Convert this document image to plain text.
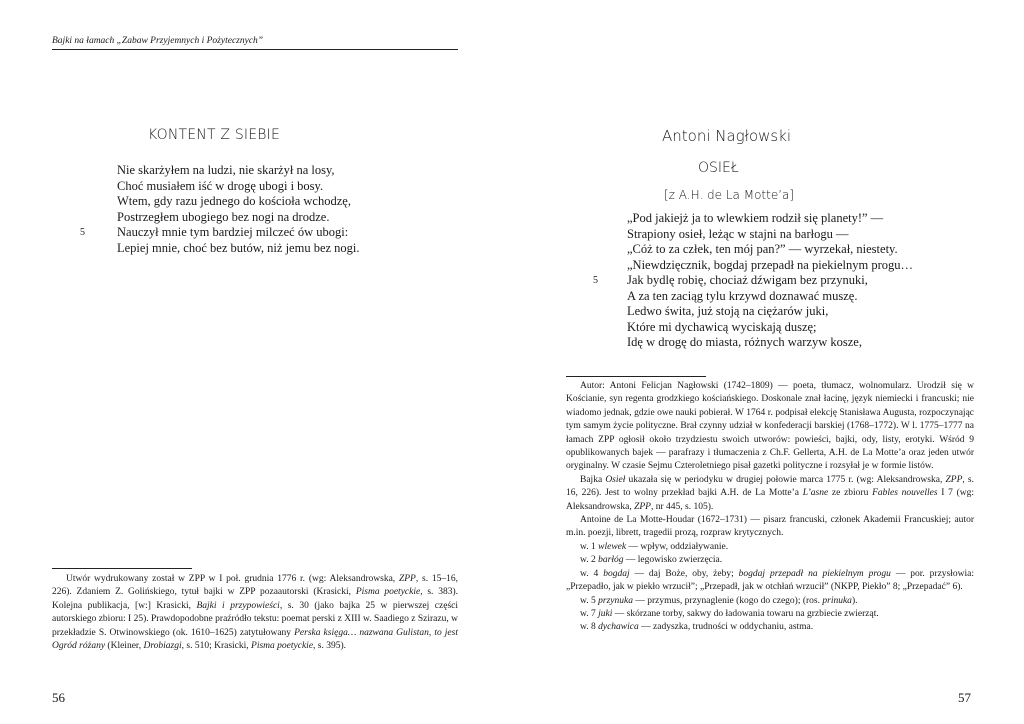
Bajki na łamach „Zabaw Przyjemnych i Pożytecznych”
KONTENT Z SIEBIE
Nie skarżyłem na ludzi, nie skarżył na losy,
Choć musiałem iść w drogę ubogi i bosy.
Wtem, gdy razu jednego do kościoła wchodzę,
Postrzegłem ubogiego bez nogi na drodze.
5	Nauczył mnie tym bardziej milczeć ów ubogi:
Lepiej mnie, choć bez butów, niż jemu bez nogi.

Utwór wydrukowany został w ZPP w I poł. grudnia 1776 r. (wg: Aleksandrowska, ZPP, s. 15–16, 226). Zdaniem Z. Golińskiego, tytuł bajki w ZPP pozaautorski (Krasicki, Pisma poetyckie, s. 383). Kolejna publikacja, [w:] Krasicki, Bajki i przypowieści, s. 30 (jako bajka 25 w pierwszej części autorskiego zbioru: I 25). Prawdopodobne praźródło tekstu: poemat perski z XIII w. Saadiego z Szirazu, w przekładzie S. Otwinowskiego (ok. 1610–1625) zatytułowany Perska księga… nazwana Gulistan, to jest Ogród różany (Kleiner, Drobiazgi, s. 510; Krasicki, Pisma poetyckie, s. 395).

56
Antoni Nagłowski
OSIEŁ
[z A.H. de La Motte’a]
„Pod jakiejż ja to wlewkiem rodził się planety!” —
Strapiony osieł, leżąc w stajni na barłogu —
„Cóż to za człek, ten mój pan?” — wyrzekał, niestety.
„Niewdzięcznik, bogdaj przepadł na piekielnym progu…
5 Jak bydlę robię, chociaż dźwigam bez przynuki,
A za ten zaciąg tylu krzywd doznawać muszę.
Ledwo świta, już stoją na ciężarów juki,
Które mi dychawicą wyciskają duszę;
Idę w drogę do miasta, różnych warzyw kosze,

Autor: Antoni Felicjan Nagłowski (1742–1809) — poeta, tłumacz, wolnomularz. Urodził się w Kościanie, syn regenta grodzkiego kościańskiego. Doskonale znał łacinę, język niemiecki i francuski; nie wiadomo jednak, gdzie owe nauki pobierał. W 1764 r. podpisał elekcję Stanisława Augusta, rozpoczynając tym samym życie polityczne. Brał czynny udział w konfederacji barskiej (1768–1772). W l. 1775–1777 na łamach ZPP ogłosił około trzydziestu swoich utworów: powieści, bajki, ody, listy, erotyki. Wśród 9 opublikowanych bajek — parafrazy i tłumaczenia z Ch.F. Gellerta, A.H. de La Motte’a oraz jeden utwór oryginalny. W czasie Sejmu Czteroletniego pisał gazetki polityczne i rozsyłał je w formie listów.

Bajka Osieł ukazała się w periodyku w drugiej połowie marca 1775 r. (wg: Aleksandrowska, ZPP, s. 16, 226). Jest to wolny przekład bajki A.H. de La Motte’a L’asne ze zbioru Fables nouvelles I 7 (wg: Aleksandrowska, ZPP, nr 445, s. 105).

Antoine de La Motte-Houdar (1672–1731) — pisarz francuski, członek Akademii Francuskiej; autor m.in. poezji, librett, tragedii prozą, rozpraw krytycznych.

w. 1 wlewek — wpływ, oddziaływanie.

w. 2 barłóg — legowisko zwierzęcia.

w. 4 bogdaj — daj Boże, oby, żeby; bogdaj przepadł na piekielnym progu — por. przysłowia: „Przepadło, jak w piekło wrzucił”; „Przepadł, jak w otchłań wrzucił” (NKPP, Piekło” 8; „Przepadać” 6).

w. 5 przynuka — przymus, przynaglenie (kogo do czego); (ros. prinuka).

w. 7 juki — skórzane torby, sakwy do ładowania towaru na grzbiecie zwierząt.

w. 8 dychawica — zadyszka, trudności w oddychaniu, astma.

57
